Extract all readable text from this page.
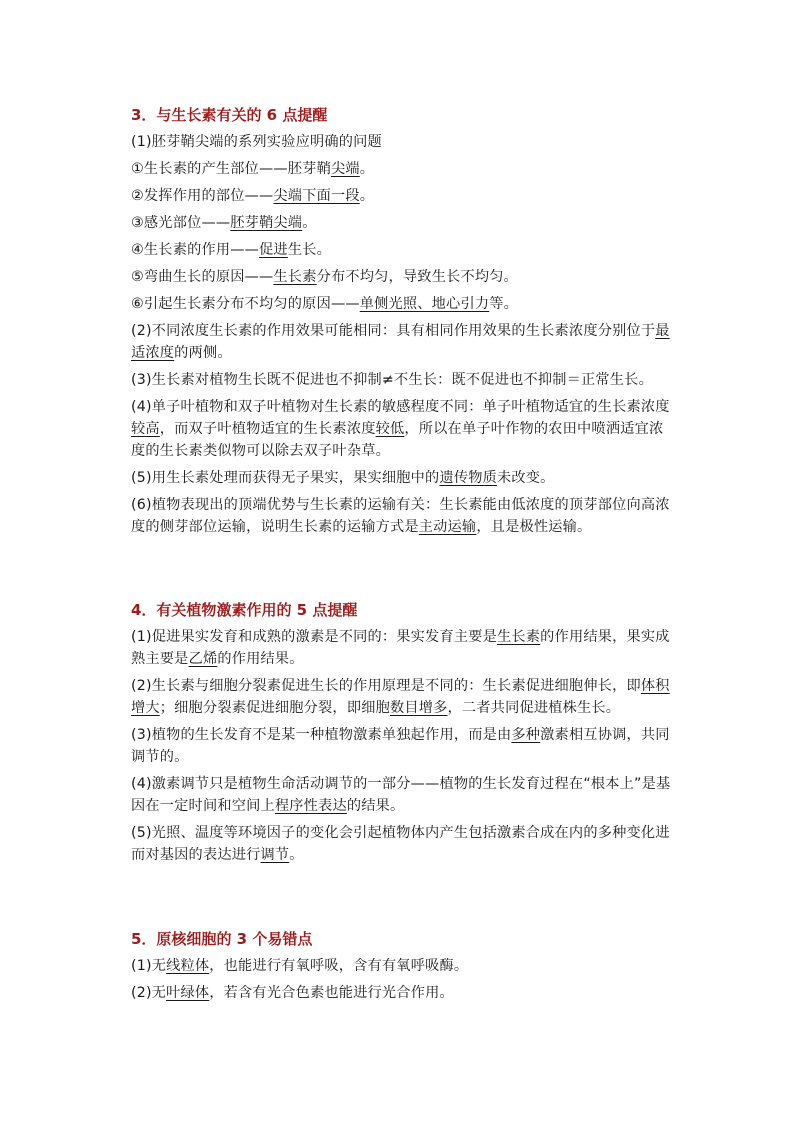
3．与生长素有关的 6 点提醒
(1)胚芽鞘尖端的系列实验应明确的问题
①生长素的产生部位——胚芽鞘尖端。
②发挥作用的部位——尖端下面一段。
③感光部位——胚芽鞘尖端。
④生长素的作用——促进生长。
⑤弯曲生长的原因——生长素分布不均匀，导致生长不均匀。
⑥引起生长素分布不均匀的原因——单侧光照、地心引力等。
(2)不同浓度生长素的作用效果可能相同：具有相同作用效果的生长素浓度分别位于最适浓度的两侧。
(3)生长素对植物生长既不促进也不抑制≠不生长：既不促进也不抑制＝正常生长。
(4)单子叶植物和双子叶植物对生长素的敏感程度不同：单子叶植物适宜的生长素浓度较高，而双子叶植物适宜的生长素浓度较低，所以在单子叶作物的农田中喷洒适宜浓度的生长素类似物可以除去双子叶杂草。
(5)用生长素处理而获得无子果实，果实细胞中的遗传物质未改变。
(6)植物表现出的顶端优势与生长素的运输有关：生长素能由低浓度的顶芽部位向高浓度的侧芽部位运输，说明生长素的运输方式是主动运输，且是极性运输。
4．有关植物激素作用的 5 点提醒
(1)促进果实发育和成熟的激素是不同的：果实发育主要是生长素的作用结果，果实成熟主要是乙烯的作用结果。
(2)生长素与细胞分裂素促进生长的作用原理是不同的：生长素促进细胞伸长，即体积增大；细胞分裂素促进细胞分裂，即细胞数目增多，二者共同促进植株生长。
(3)植物的生长发育不是某一种植物激素单独起作用，而是由多种激素相互协调，共同调节的。
(4)激素调节只是植物生命活动调节的一部分——植物的生长发育过程在“根本上”是基因在一定时间和空间上程序性表达的结果。
(5)光照、温度等环境因子的变化会引起植物体内产生包括激素合成在内的多种变化进而对基因的表达进行调节。
5．原核细胞的 3 个易错点
(1)无线粒体，也能进行有氧呼吸，含有有氧呼吸酶。
(2)无叶绿体，若含有光合色素也能进行光合作用。
